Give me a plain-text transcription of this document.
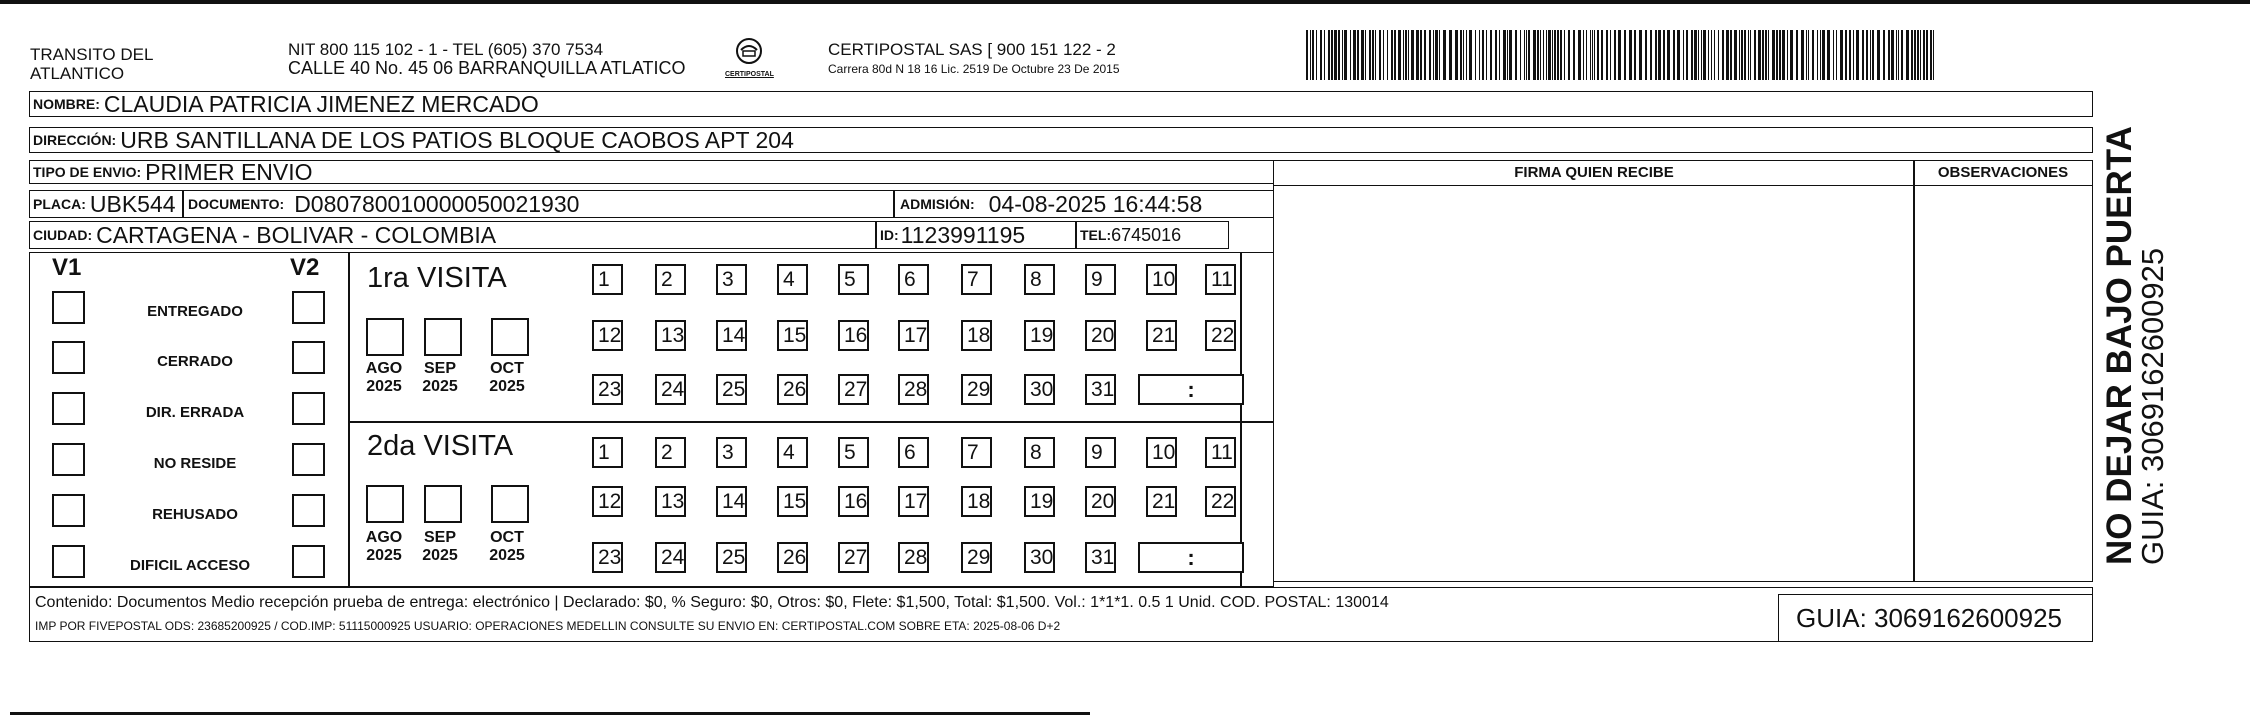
TRANSITO DEL
ATLANTICO
NIT 800 115 102 - 1 - TEL (605) 370 7534
CALLE 40 No. 45 06 BARRANQUILLA ATLATICO	CERTIPOSTAL
CERTIPOSTAL SAS [ 900 151 122 - 2
Carrera 80d N 18 16 Lic. 2519 De Octubre 23 De 2015
NOMBRE: CLAUDIA PATRICIA JIMENEZ MERCADO
DIRECCIÓN: URB SANTILLANA DE LOS PATIOS BLOQUE CAOBOS APT 204
TIPO DE ENVIO: PRIMER ENVIO
PLACA: UBK544 DOCUMENTO: D080780010000050021930	ADMISIÓN: 04-08-2025 16:44:58
CIUDAD: CARTAGENA - BOLIVAR - COLOMBIA	ID: 1123991195	TEL: 6745016
FIRMA QUIEN RECIBE	OBSERVACIONES
V1	V2
ENTREGADO
CERRADO
DIR. ERRADA
NO RESIDE
REHUSADO
DIFICIL ACCESO
1ra VISITA
2da VISITA
AGO
2025
SEP
2025
OCT
2025
AGO
2025
SEP
2025
OCT
2025
1	2	3	4	5	6	7	8	9	10 11
12 13 14 15 16 17 18 19 20 21 22
23 24 25 26 27 28 29 30 31	:
1	2	3	4	5	6	7	8	9	10 11
12 13 14 15 16 17 18 19 20 21 22
23 24 25 26 27 28 29 30 31	:
Contenido: Documentos Medio recepción prueba de entrega: electrónico | Declarado: $0, % Seguro: $0, Otros: $0, Flete: $1,500, Total: $1,500. Vol.: 1*1*1. 0.5 1 Unid. COD. POSTAL: 130014
IMP POR FIVEPOSTAL ODS: 23685200925 / COD.IMP: 51115000925 USUARIO: OPERACIONES MEDELLIN CONSULTE SU ENVIO EN: CERTIPOSTAL.COM SOBRE ETA: 2025-08-06 D+2	GUIA: 3069162600925
NO DEJAR BAJO PUERTA
GUIA: 3069162600925
